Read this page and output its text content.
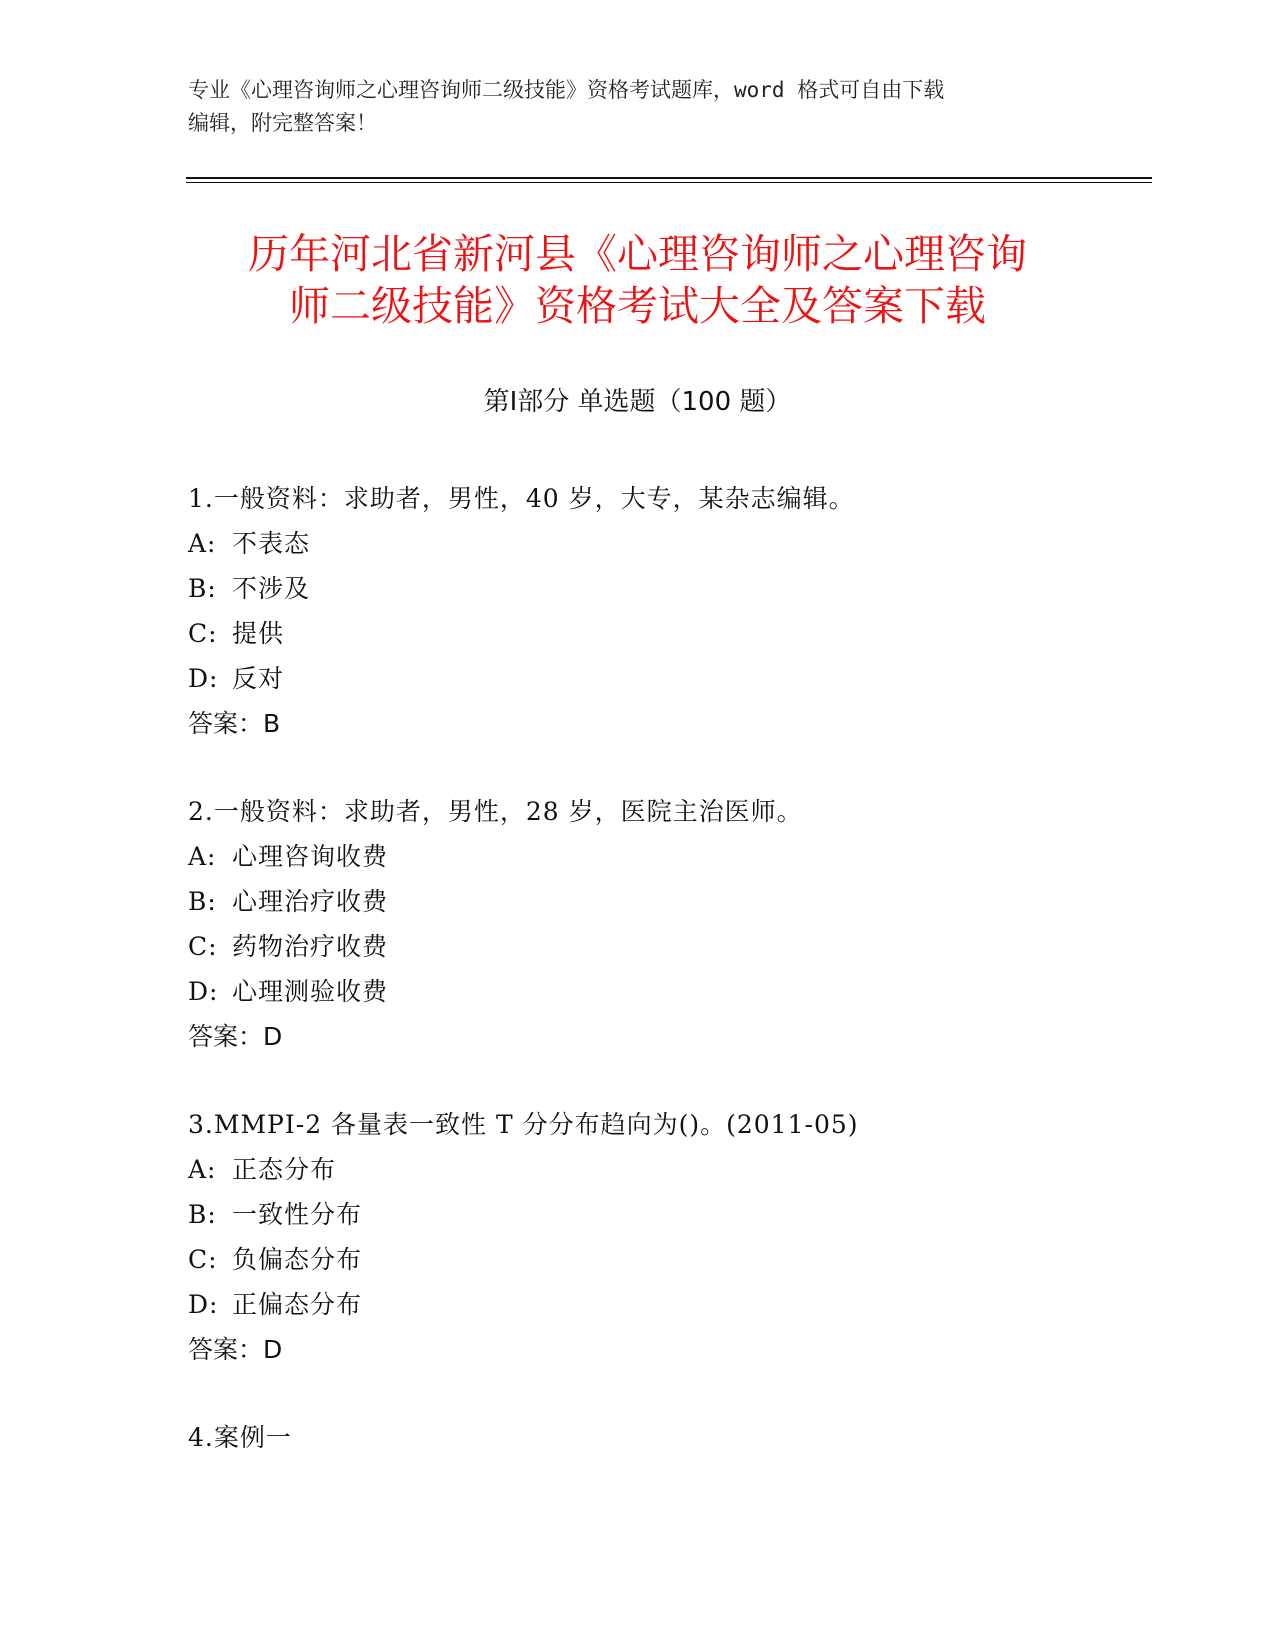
专业《心理咨询师之心理咨询师二级技能》资格考试题库，word 格式可自由下载
编辑，附完整答案！
历年河北省新河县《心理咨询师之心理咨询
师二级技能》资格考试大全及答案下载
第Ⅰ部分 单选题（100 题）
1.一般资料：求助者，男性，40 岁，大专，某杂志编辑。
A: 不表态
B: 不涉及
C: 提供
D: 反对
答案：B
2.一般资料：求助者，男性，28 岁，医院主治医师。
A: 心理咨询收费
B: 心理治疗收费
C: 药物治疗收费
D: 心理测验收费
答案：D
3.MMPI-2 各量表一致性 T 分分布趋向为()。(2011-05)
A: 正态分布
B: 一致性分布
C: 负偏态分布
D: 正偏态分布
答案：D
4.案例一
